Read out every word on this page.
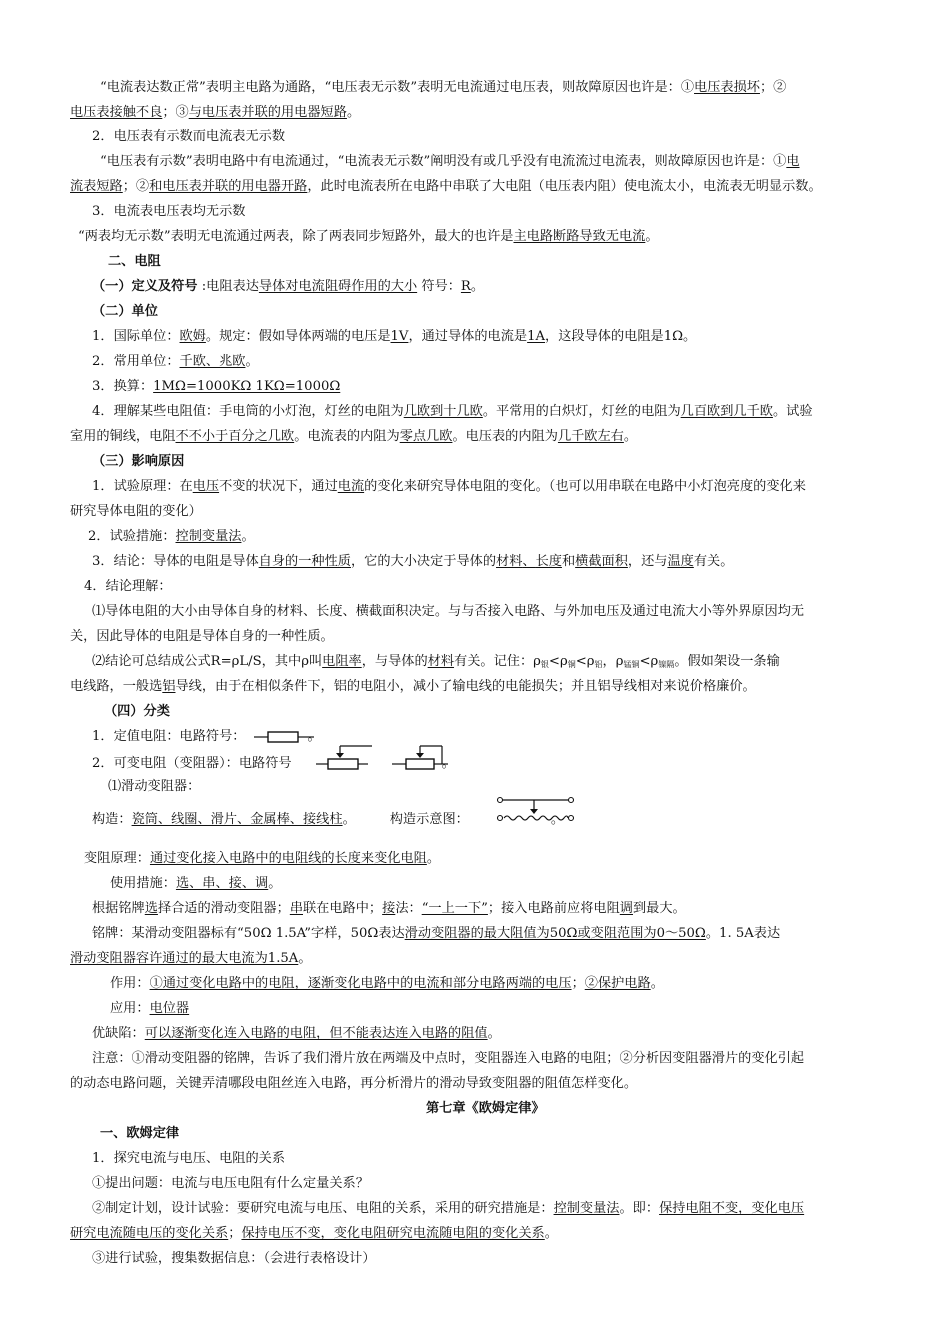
“电流表达数正常”表明主电路为通路，“电压表无示数”表明无电流通过电压表，则故障原因也许是：①电压表损坏；②
电压表接触不良；③与电压表并联的用电器短路。
2．电压表有示数而电流表无示数
“电压表有示数”表明电路中有电流通过，“电流表无示数”阐明没有或几乎没有电流流过电流表，则故障原因也许是：①电
流表短路；②和电压表并联的用电器开路，此时电流表所在电路中串联了大电阻（电压表内阻）使电流太小，电流表无明显示数。
3．电流表电压表均无示数
“两表均无示数”表明无电流通过两表，除了两表同步短路外，最大的也许是主电路断路导致无电流。
二、电阻
（一）定义及符号 :电阻表达导体对电流阻碍作用的大小 符号：R。
（二）单位
1．国际单位：欧姆。规定：假如导体两端的电压是1V，通过导体的电流是1A，这段导体的电阻是1Ω。
2．常用单位：千欧、兆欧。
3．换算：1MΩ=1000KΩ 1KΩ=1000Ω
4．理解某些电阻值：手电筒的小灯泡，灯丝的电阻为几欧到十几欧。平常用的白炽灯，灯丝的电阻为几百欧到几千欧。试验
室用的铜线，电阻不不小于百分之几欧。电流表的内阻为零点几欧。电压表的内阻为几千欧左右。
（三）影响原因
1．试验原理：在电压不变的状况下，通过电流的变化来研究导体电阻的变化。（也可以用串联在电路中小灯泡亮度的变化来
研究导体电阻的变化）
2．试验措施：控制变量法。
3．结论：导体的电阻是导体自身的一种性质，它的大小决定于导体的材料、长度和横截面积，还与温度有关。
4．结论理解：
⑴导体电阻的大小由导体自身的材料、长度、横截面积决定。与与否接入电路、与外加电压及通过电流大小等外界原因均无
关，因此导体的电阻是导体自身的一种性质。
⑵结论可总结成公式R=ρL/S，其中ρ叫电阻率，与导体的材料有关。记住：$\rho_银<\rho_铜<\rho_铝$，$\rho_{锰铜}<\rho_{镍隔}$。假如架设一条输
电线路，一般选铝导线，由于在相似条件下，铝的电阻小，减小了输电线的电能损失；并且铝导线相对来说价格廉价。
（四）分类
1．定值电阻：电路符号：	。
2．可变电阻（变阻器）：电路符号	。
⑴滑动变阻器：
构造：瓷筒、线圈、滑片、金属棒、接线柱。	构造示意图：	。
变阻原理：通过变化接入电路中的电阻线的长度来变化电阻。
使用措施：选、串、接、调。
根据铭牌选择合适的滑动变阻器；串联在电路中；接法：“一上一下”；接入电路前应将电阻调到最大。
铭牌：某滑动变阻器标有“50Ω 1.5A”字样，50Ω表达滑动变阻器的最大阻值为50Ω或变阻范围为0～50Ω。1. 5A表达
滑动变阻器容许通过的最大电流为1.5A。
作用：①通过变化电路中的电阻，逐渐变化电路中的电流和部分电路两端的电压；②保护电路。
应用：电位器
优缺陷：可以逐渐变化连入电路的电阻，但不能表达连入电路的阻值。
注意：①滑动变阻器的铭牌，告诉了我们滑片放在两端及中点时，变阻器连入电路的电阻；②分析因变阻器滑片的变化引起
的动态电路问题，关键弄清哪段电阻丝连入电路，再分析滑片的滑动导致变阻器的阻值怎样变化。
第七章《欧姆定律》
一、欧姆定律
1．探究电流与电压、电阻的关系
①提出问题：电流与电压电阻有什么定量关系？
②制定计划，设计试验：要研究电流与电压、电阻的关系，采用的研究措施是：控制变量法。即：保持电阻不变，变化电压
研究电流随电压的变化关系；保持电压不变，变化电阻研究电流随电阻的变化关系。
③进行试验，搜集数据信息：（会进行表格设计）
